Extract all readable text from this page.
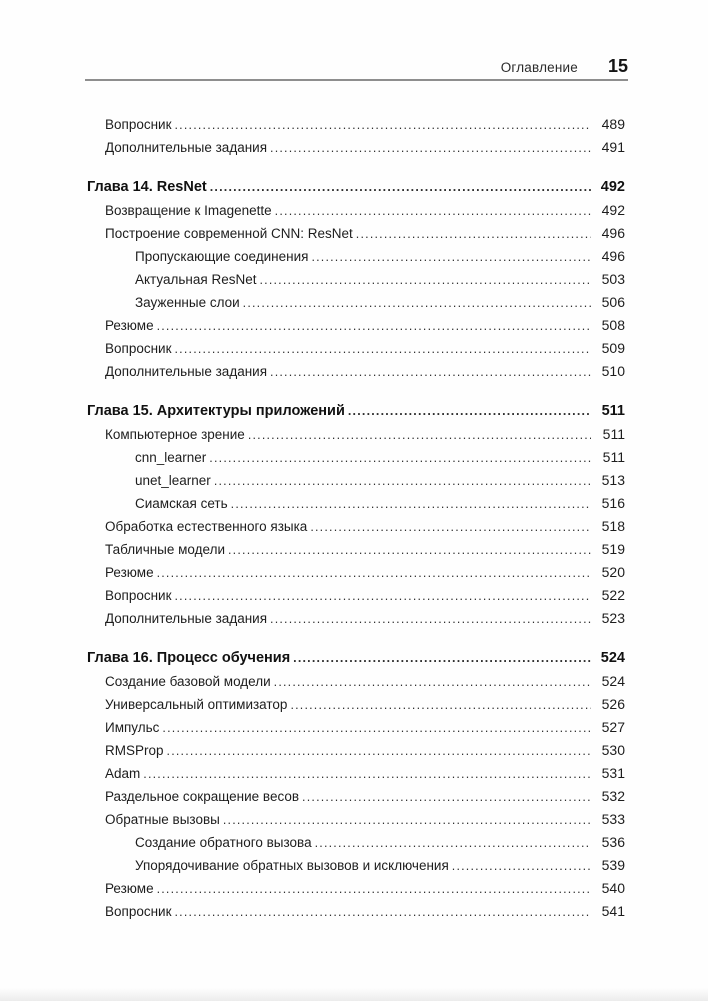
Оглавление 15
Вопросник .....	489
Дополнительные задания .....	491
Глава 14. ResNet .....	492
Возвращение к Imagenette .....	492
Построение современной CNN: ResNet .....	496
Пропускающие соединения .....	496
Актуальная ResNet .....	503
Зауженные слои .....	506
Резюме .....	508
Вопросник .....	509
Дополнительные задания .....	510
Глава 15. Архитектуры приложений .....	511
Компьютерное зрение .....	511
cnn_learner .....	511
unet_learner .....	513
Сиамская сеть .....	516
Обработка естественного языка .....	518
Табличные модели .....	519
Резюме .....	520
Вопросник .....	522
Дополнительные задания .....	523
Глава 16. Процесс обучения .....	524
Создание базовой модели .....	524
Универсальный оптимизатор .....	526
Импульс .....	527
RMSProp .....	530
Adam .....	531
Раздельное сокращение весов .....	532
Обратные вызовы .....	533
Создание обратного вызова .....	536
Упорядочивание обратных вызовов и исключения .....	539
Резюме .....	540
Вопросник .....	541
